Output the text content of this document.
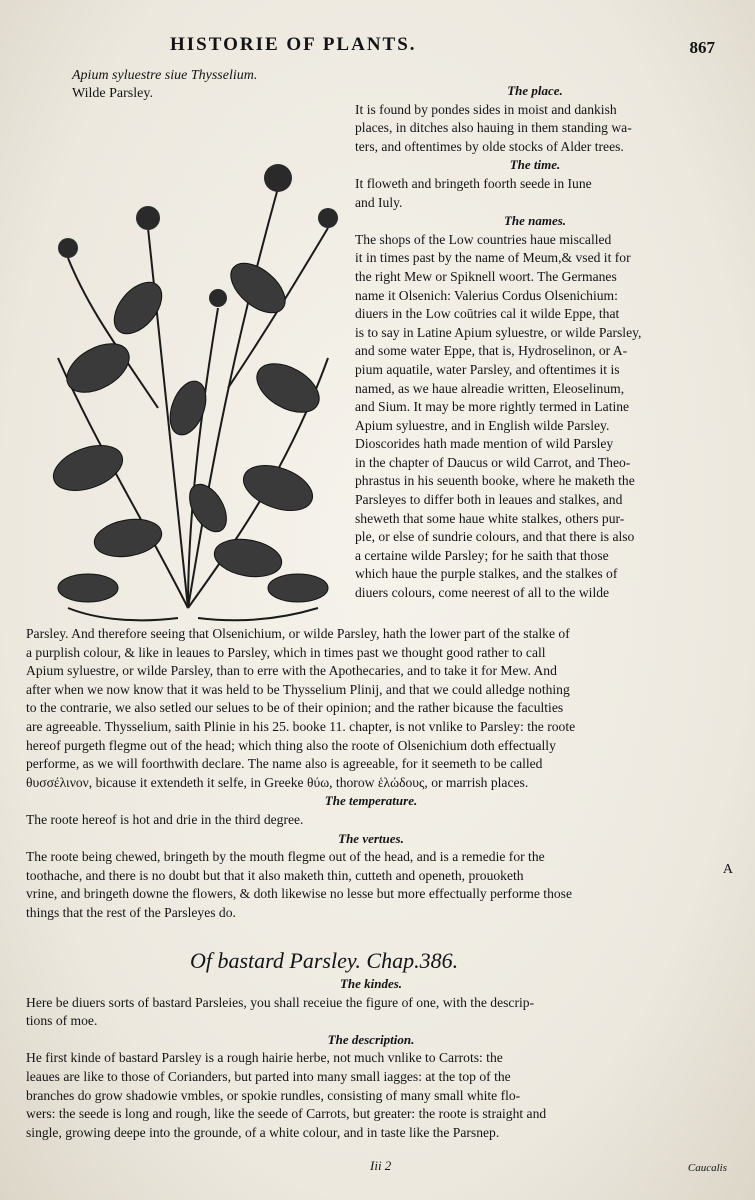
HISTORIE OF PLANTS.	867
Apium syluestre siue Thysselium.
Wilde Parsley.	The place.
It is found by pondes sides in moist and dankish
places, in ditches also hauing in them standing wa-
ters, and oftentimes by olde stocks of Alder trees.
The time.
It floweth and bringeth foorth seede in Iune
and Iuly.
The names.
The shops of the Low countries haue miscalled
it in times past by the name of Meum,& vsed it for
the right Mew or Spiknell woort. The Germanes
name it Olsenich: Valerius Cordus Olsenichium:
diuers in the Low coūtries cal it wilde Eppe, that
is to say in Latine Apium syluestre, or wilde Parsley,
and some water Eppe, that is, Hydroselinon, or A-
pium aquatile, water Parsley, and oftentimes it is
named, as we haue alreadie written, Eleoselinum,
and Sium. It may be more rightly termed in Latine
Apium syluestre, and in English wilde Parsley.
Dioscorides hath made mention of wild Parsley
in the chapter of Daucus or wild Carrot, and Theo-
phrastus in his seuenth booke, where he maketh the
Parsleyes to differ both in leaues and stalkes, and
sheweth that some haue white stalkes, others pur-
ple, or else of sundrie colours, and that there is also
a certaine wilde Parsley; for he saith that those
which haue the purple stalkes, and the stalkes of
diuers colours, come neerest of all to the wilde
Parsley. And therefore seeing that Olsenichium, or wilde Parsley, hath the lower part of the stalke of
a purplish colour, & like in leaues to Parsley, which in times past we thought good rather to call
Apium syluestre, or wilde Parsley, than to erre with the Apothecaries, and to take it for Mew. And
after when we now know that it was held to be Thysselium Plinij, and that we could alledge nothing
to the contrarie, we also setled our selues to be of their opinion; and the rather bicause the faculties
are agreeable. Thysselium, saith Plinie in his 25. booke 11. chapter, is not vnlike to Parsley: the roote
hereof purgeth flegme out of the head; which thing also the roote of Olsenichium doth effectually
performe, as we will foorthwith declare. The name also is agreeable, for it seemeth to be called
θυσσέλινον, bicause it extendeth it selfe, in Greeke θύω, thorow ἑλώδους, or marrish places.
The temperature.
The roote hereof is hot and drie in the third degree.
The vertues.
The roote being chewed, bringeth by the mouth flegme out of the head, and is a remedie for the
toothache, and there is no doubt but that it also maketh thin, cutteth and openeth, prouoketh
vrine, and bringeth downe the flowers, & doth likewise no lesse but more effectually performe those
things that the rest of the Parsleyes do.
A
Of bastard Parsley. Chap.386.
The kindes.
Here be diuers sorts of bastard Parsleies, you shall receiue the figure of one, with the descrip-
tions of moe.
The description.
He first kinde of bastard Parsley is a rough hairie herbe, not much vnlike to Carrots: the
leaues are like to those of Corianders, but parted into many small iagges: at the top of the
branches do grow shadowie vmbles, or spokie rundles, consisting of many small white flo-
wers: the seede is long and rough, like the seede of Carrots, but greater: the roote is straight and
single, growing deepe into the grounde, of a white colour, and in taste like the Parsnep.
Iii 2	Caucalis
